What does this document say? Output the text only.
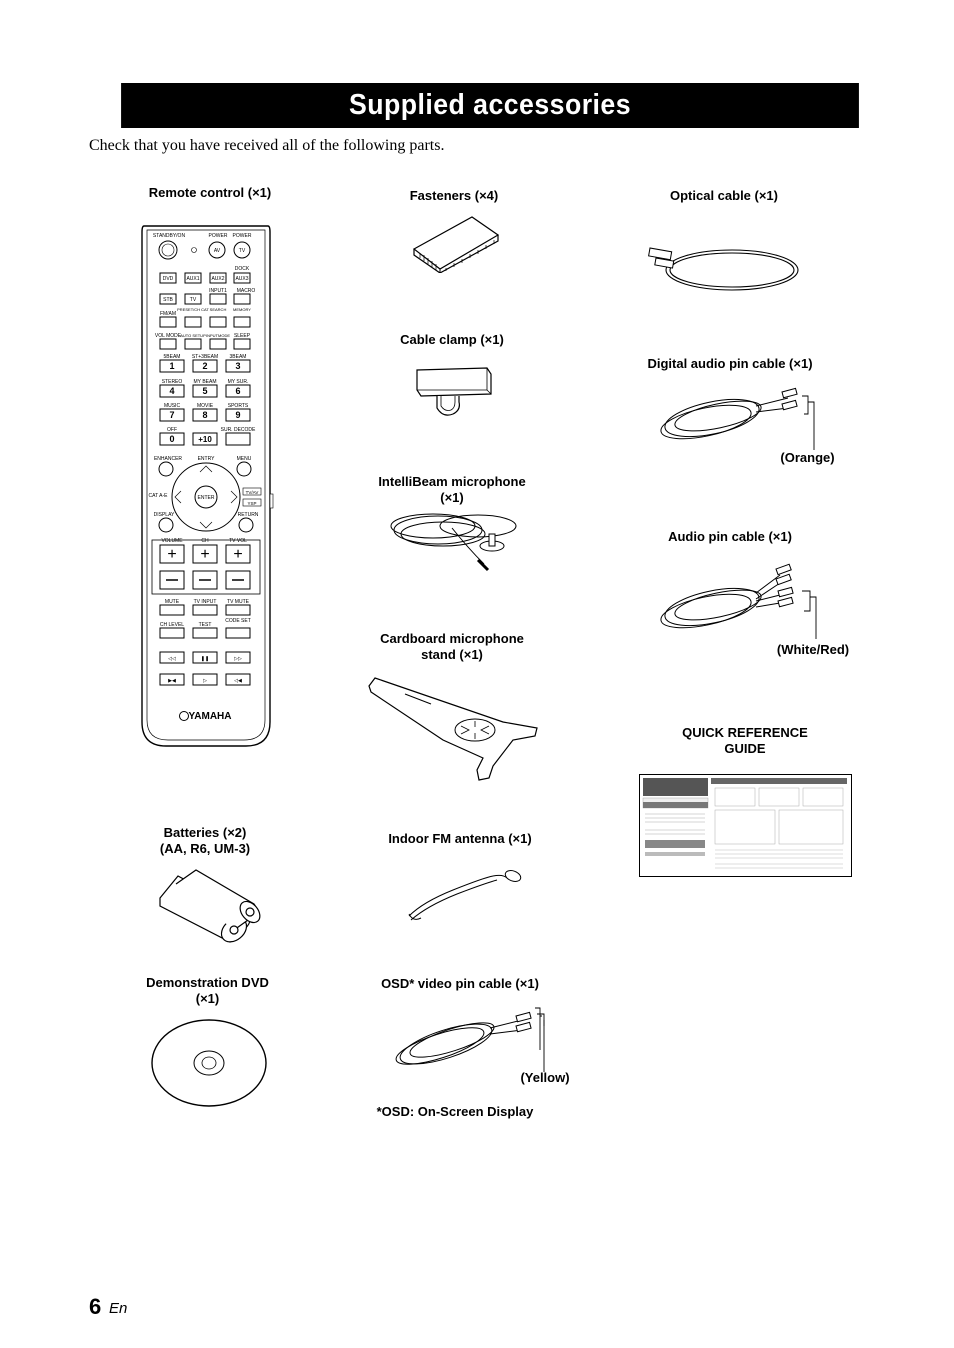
Supplied accessories
Check that you have received all of the following parts.
Remote control (×1)
STANDBY/ON	POWER POWER
AV	TV
DOCK
DVD	AUX1 AUX2 AUX3
INPUT1 MACRO
STB	TV
FM/AM
PRESET/CH CAT SEARCH MEMORY
VOL MODE AUTO SETUP INPUTMODE SLEEP
5BEAM ST+3BEAM 3BEAM
1	2	3
STEREO MY BEAM MY SUR.
4	5	6
MUSIC	MOVIE	SPORTS
7	8	9
OFF	SUR. DECODE
0	+10
ENHANCER	ENTRY	MENU
ENTER
CAT A-E
TV/AV
YSP
DISPLAY	RETURN
VOLUME	CH	TV VOL
+ + +
MUTE	TV INPUT TV MUTE
CH LEVEL	TEST
CODE SET
◁◁	❚❚	▷▷
▶◀	▷	◁◀
YAMAHA
Batteries (×2)
(AA, R6, UM-3)
Demonstration DVD
(×1)
Fasteners (×4)
Cable clamp (×1)
IntelliBeam microphone
(×1)
Cardboard microphone
stand (×1)
Indoor FM antenna (×1)
OSD* video pin cable (×1)
(Yellow)
*OSD: On-Screen Display
Optical cable (×1)
Digital audio pin cable (×1)
(Orange)
Audio pin cable (×1)
(White/Red)
QUICK REFERENCE
GUIDE
6 En
